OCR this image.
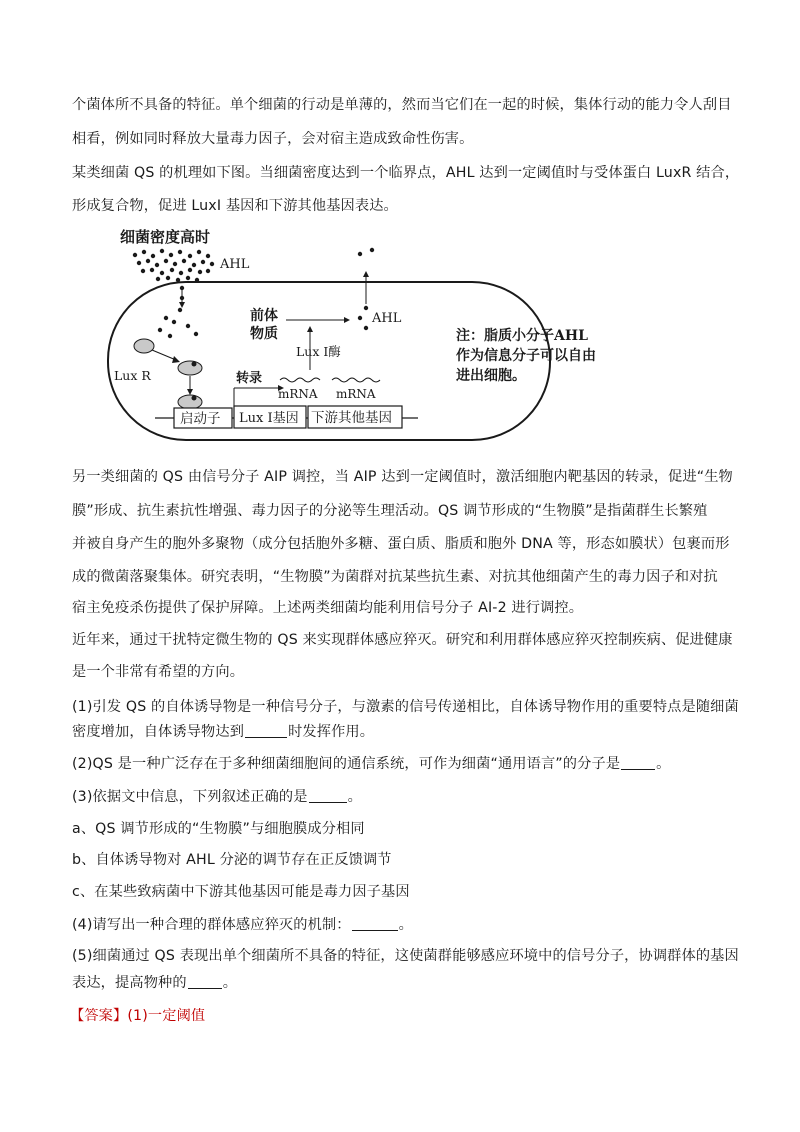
个菌体所不具备的特征。单个细菌的行动是单薄的，然而当它们在一起的时候，集体行动的能力令人刮目
相看，例如同时释放大量毒力因子，会对宿主造成致命性伤害。
某类细菌 QS 的机理如下图。当细菌密度达到一个临界点，AHL 达到一定阈值时与受体蛋白 LuxR 结合，
形成复合物，促进 LuxI 基因和下游其他基因表达。
细菌密度高时
AHL
Lux R
启动子 Lux I基因 下游其他基因
转录
mRNA mRNA
Lux I酶
前体
物质
AHL
注：脂质小分子AHL
作为信息分子可以自由
进出细胞。
另一类细菌的 QS 由信号分子 AIP 调控，当 AIP 达到一定阈值时，激活细胞内靶基因的转录，促进“生物
膜”形成、抗生素抗性增强、毒力因子的分泌等生理活动。QS 调节形成的“生物膜”是指菌群生长繁殖
并被自身产生的胞外多聚物（成分包括胞外多糖、蛋白质、脂质和胞外 DNA 等，形态如膜状）包裹而形
成的微菌落聚集体。研究表明，“生物膜”为菌群对抗某些抗生素、对抗其他细菌产生的毒力因子和对抗
宿主免疫杀伤提供了保护屏障。上述两类细菌均能利用信号分子 AI-2 进行调控。
近年来，通过干扰特定微生物的 QS 来实现群体感应猝灭。研究和利用群体感应猝灭控制疾病、促进健康
是一个非常有希望的方向。
(1)引发 QS 的自体诱导物是一种信号分子，与激素的信号传递相比，自体诱导物作用的重要特点是随细菌
密度增加，自体诱导物达到	时发挥作用。
(2)QS 是一种广泛存在于多种细菌细胞间的通信系统，可作为细菌“通用语言”的分子是	。
(3)依据文中信息，下列叙述正确的是	。
a、QS 调节形成的“生物膜”与细胞膜成分相同
b、自体诱导物对 AHL 分泌的调节存在正反馈调节
c、在某些致病菌中下游其他基因可能是毒力因子基因
(4)请写出一种合理的群体感应猝灭的机制：	。
(5)细菌通过 QS 表现出单个细菌所不具备的特征，这使菌群能够感应环境中的信号分子，协调群体的基因
表达，提高物种的	。
【答案】(1)一定阈值
